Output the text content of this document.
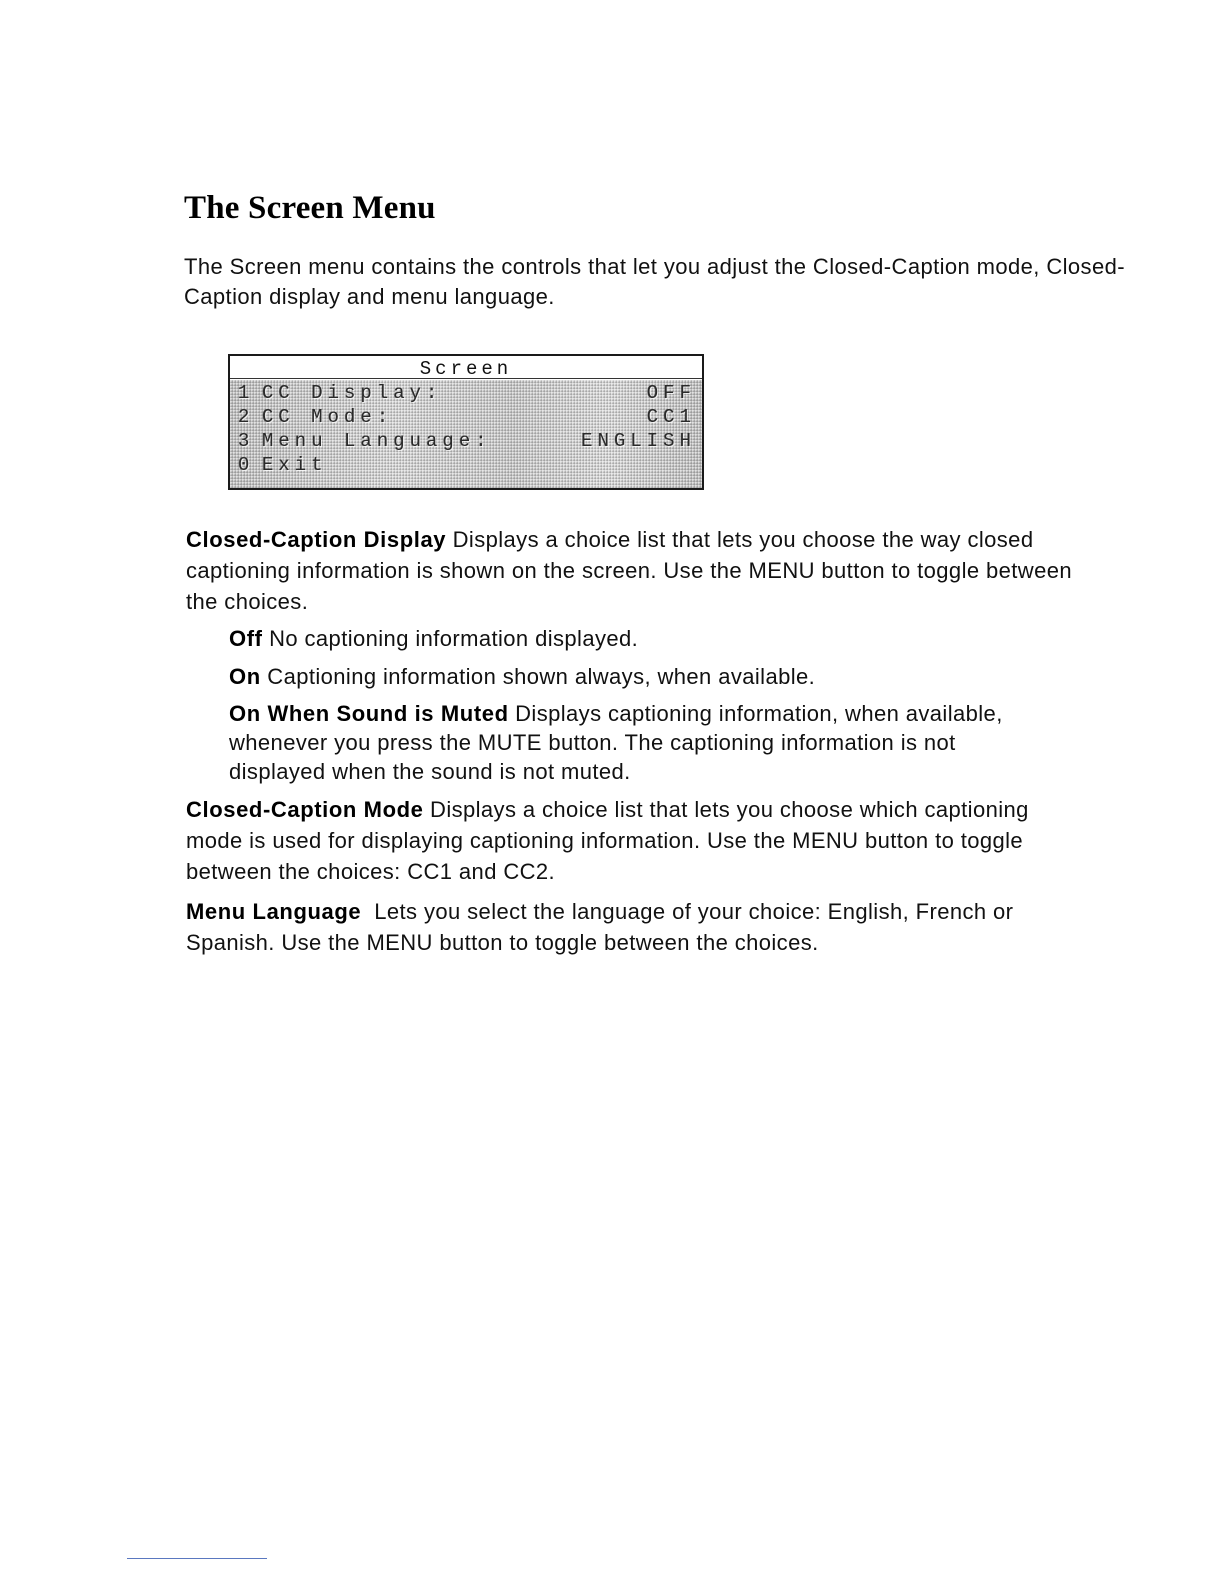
The Screen Menu

The Screen menu contains the controls that let you adjust the Closed-Caption mode, Closed-Caption display and menu language.

Screen
1 CC Display:	OFF
2 CC Mode:	CC1
3 Menu Language:	ENGLISH
0 Exit

Closed-Caption Display Displays a choice list that lets you choose the way closed captioning information is shown on the screen. Use the MENU button to toggle between the choices.

Off No captioning information displayed.

On Captioning information shown always, when available.

On When Sound is Muted Displays captioning information, when available, whenever you press the MUTE button. The captioning information is not displayed when the sound is not muted.

Closed-Caption Mode Displays a choice list that lets you choose which captioning mode is used for displaying captioning information. Use the MENU button to toggle between the choices: CC1 and CC2.

Menu Language  Lets you select the language of your choice: English, French or Spanish. Use the MENU button to toggle between the choices.
